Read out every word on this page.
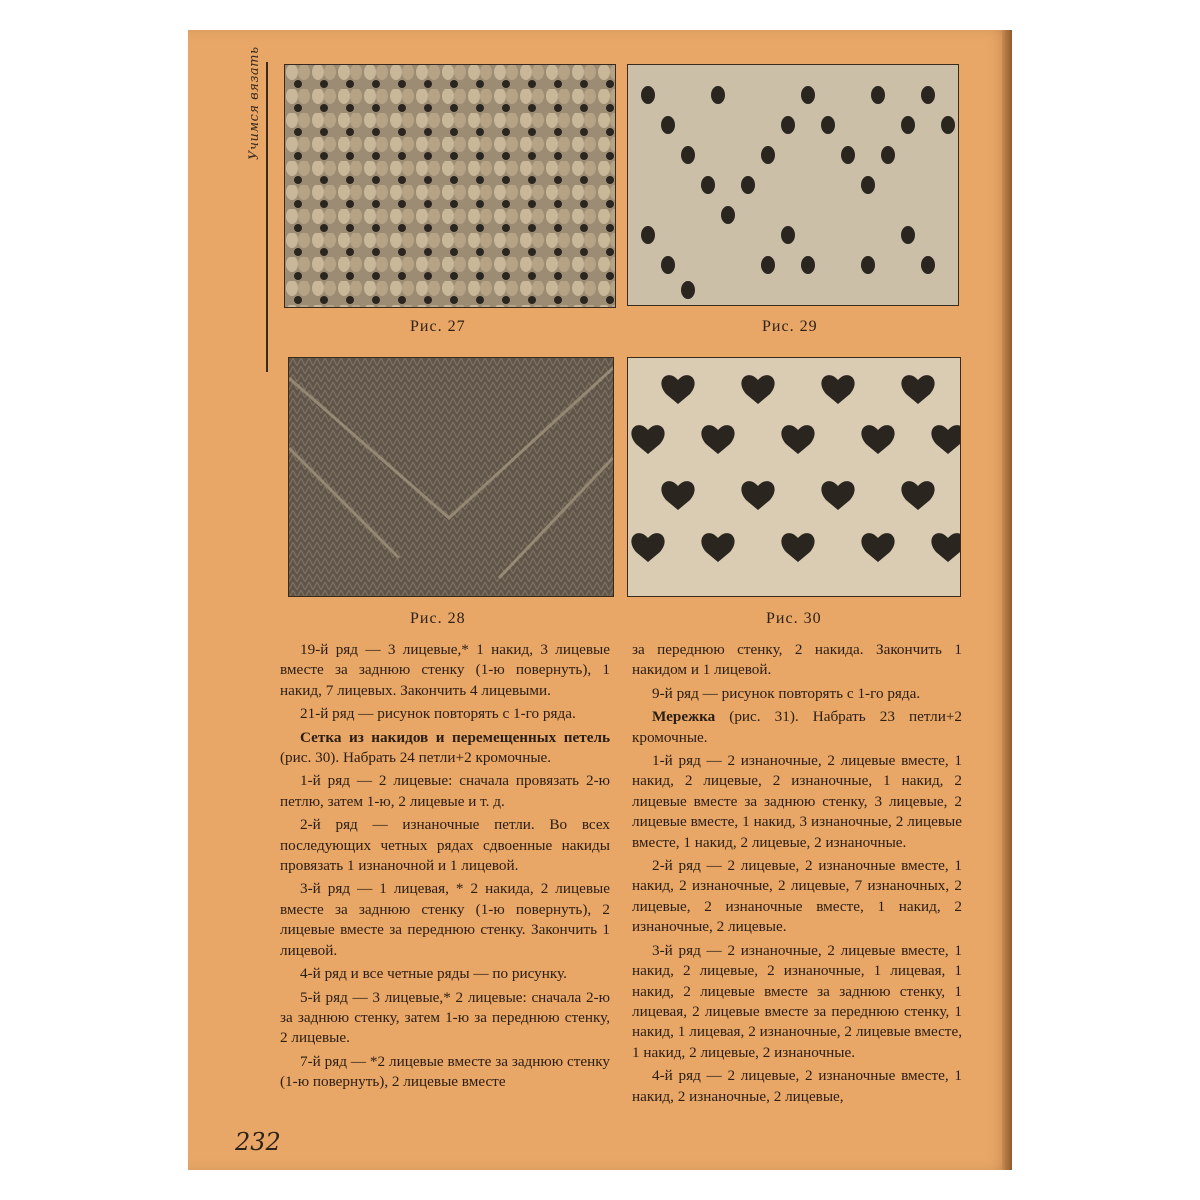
Учимся вязать
Рис. 27	Рис. 29
Рис. 28	Рис. 30

19-й ряд — 3 лицевые,* 1 накид, 3 лицевые вместе за заднюю стенку (1-ю повернуть), 1 накид, 7 лицевых. Закончить 4 лицевыми.

21-й ряд — рисунок повторять с 1-го ряда.

Сетка из накидов и перемещенных петель (рис. 30). Набрать 24 петли+2 кромочные.

1-й ряд — 2 лицевые: сначала провязать 2-ю петлю, затем 1-ю, 2 лицевые и т. д.

2-й ряд — изнаночные петли. Во всех последующих четных рядах сдвоенные накиды провязать 1 изнаночной и 1 лицевой.

3-й ряд — 1 лицевая, * 2 накида, 2 лицевые вместе за заднюю стенку (1-ю повернуть), 2 лицевые вместе за переднюю стенку. Закончить 1 лицевой.

4-й ряд и все четные ряды — по рисунку.

5-й ряд — 3 лицевые,* 2 лицевые: сначала 2-ю за заднюю стенку, затем 1-ю за переднюю стенку, 2 лицевые.

7-й ряд — *2 лицевые вместе за заднюю стенку (1-ю повернуть), 2 лицевые вместе

за переднюю стенку, 2 накида. Закончить 1 накидом и 1 лицевой.

9-й ряд — рисунок повторять с 1-го ряда.

Мережка (рис. 31). Набрать 23 петли+2 кромочные.

1-й ряд — 2 изнаночные, 2 лицевые вместе, 1 накид, 2 лицевые, 2 изнаночные, 1 накид, 2 лицевые вместе за заднюю стенку, 3 лицевые, 2 лицевые вместе, 1 накид, 3 изнаночные, 2 лицевые вместе, 1 накид, 2 лицевые, 2 изнаночные.

2-й ряд — 2 лицевые, 2 изнаночные вместе, 1 накид, 2 изнаночные, 2 лицевые, 7 изнаночных, 2 лицевые, 2 изнаночные вместе, 1 накид, 2 изнаночные, 2 лицевые.

3-й ряд — 2 изнаночные, 2 лицевые вместе, 1 накид, 2 лицевые, 2 изнаночные, 1 лицевая, 1 накид, 2 лицевые вместе за заднюю стенку, 1 лицевая, 2 лицевые вместе за переднюю стенку, 1 накид, 1 лицевая, 2 изнаночные, 2 лицевые вместе, 1 накид, 2 лицевые, 2 изнаночные.

4-й ряд — 2 лицевые, 2 изнаночные вместе, 1 накид, 2 изнаночные, 2 лицевые,

232
